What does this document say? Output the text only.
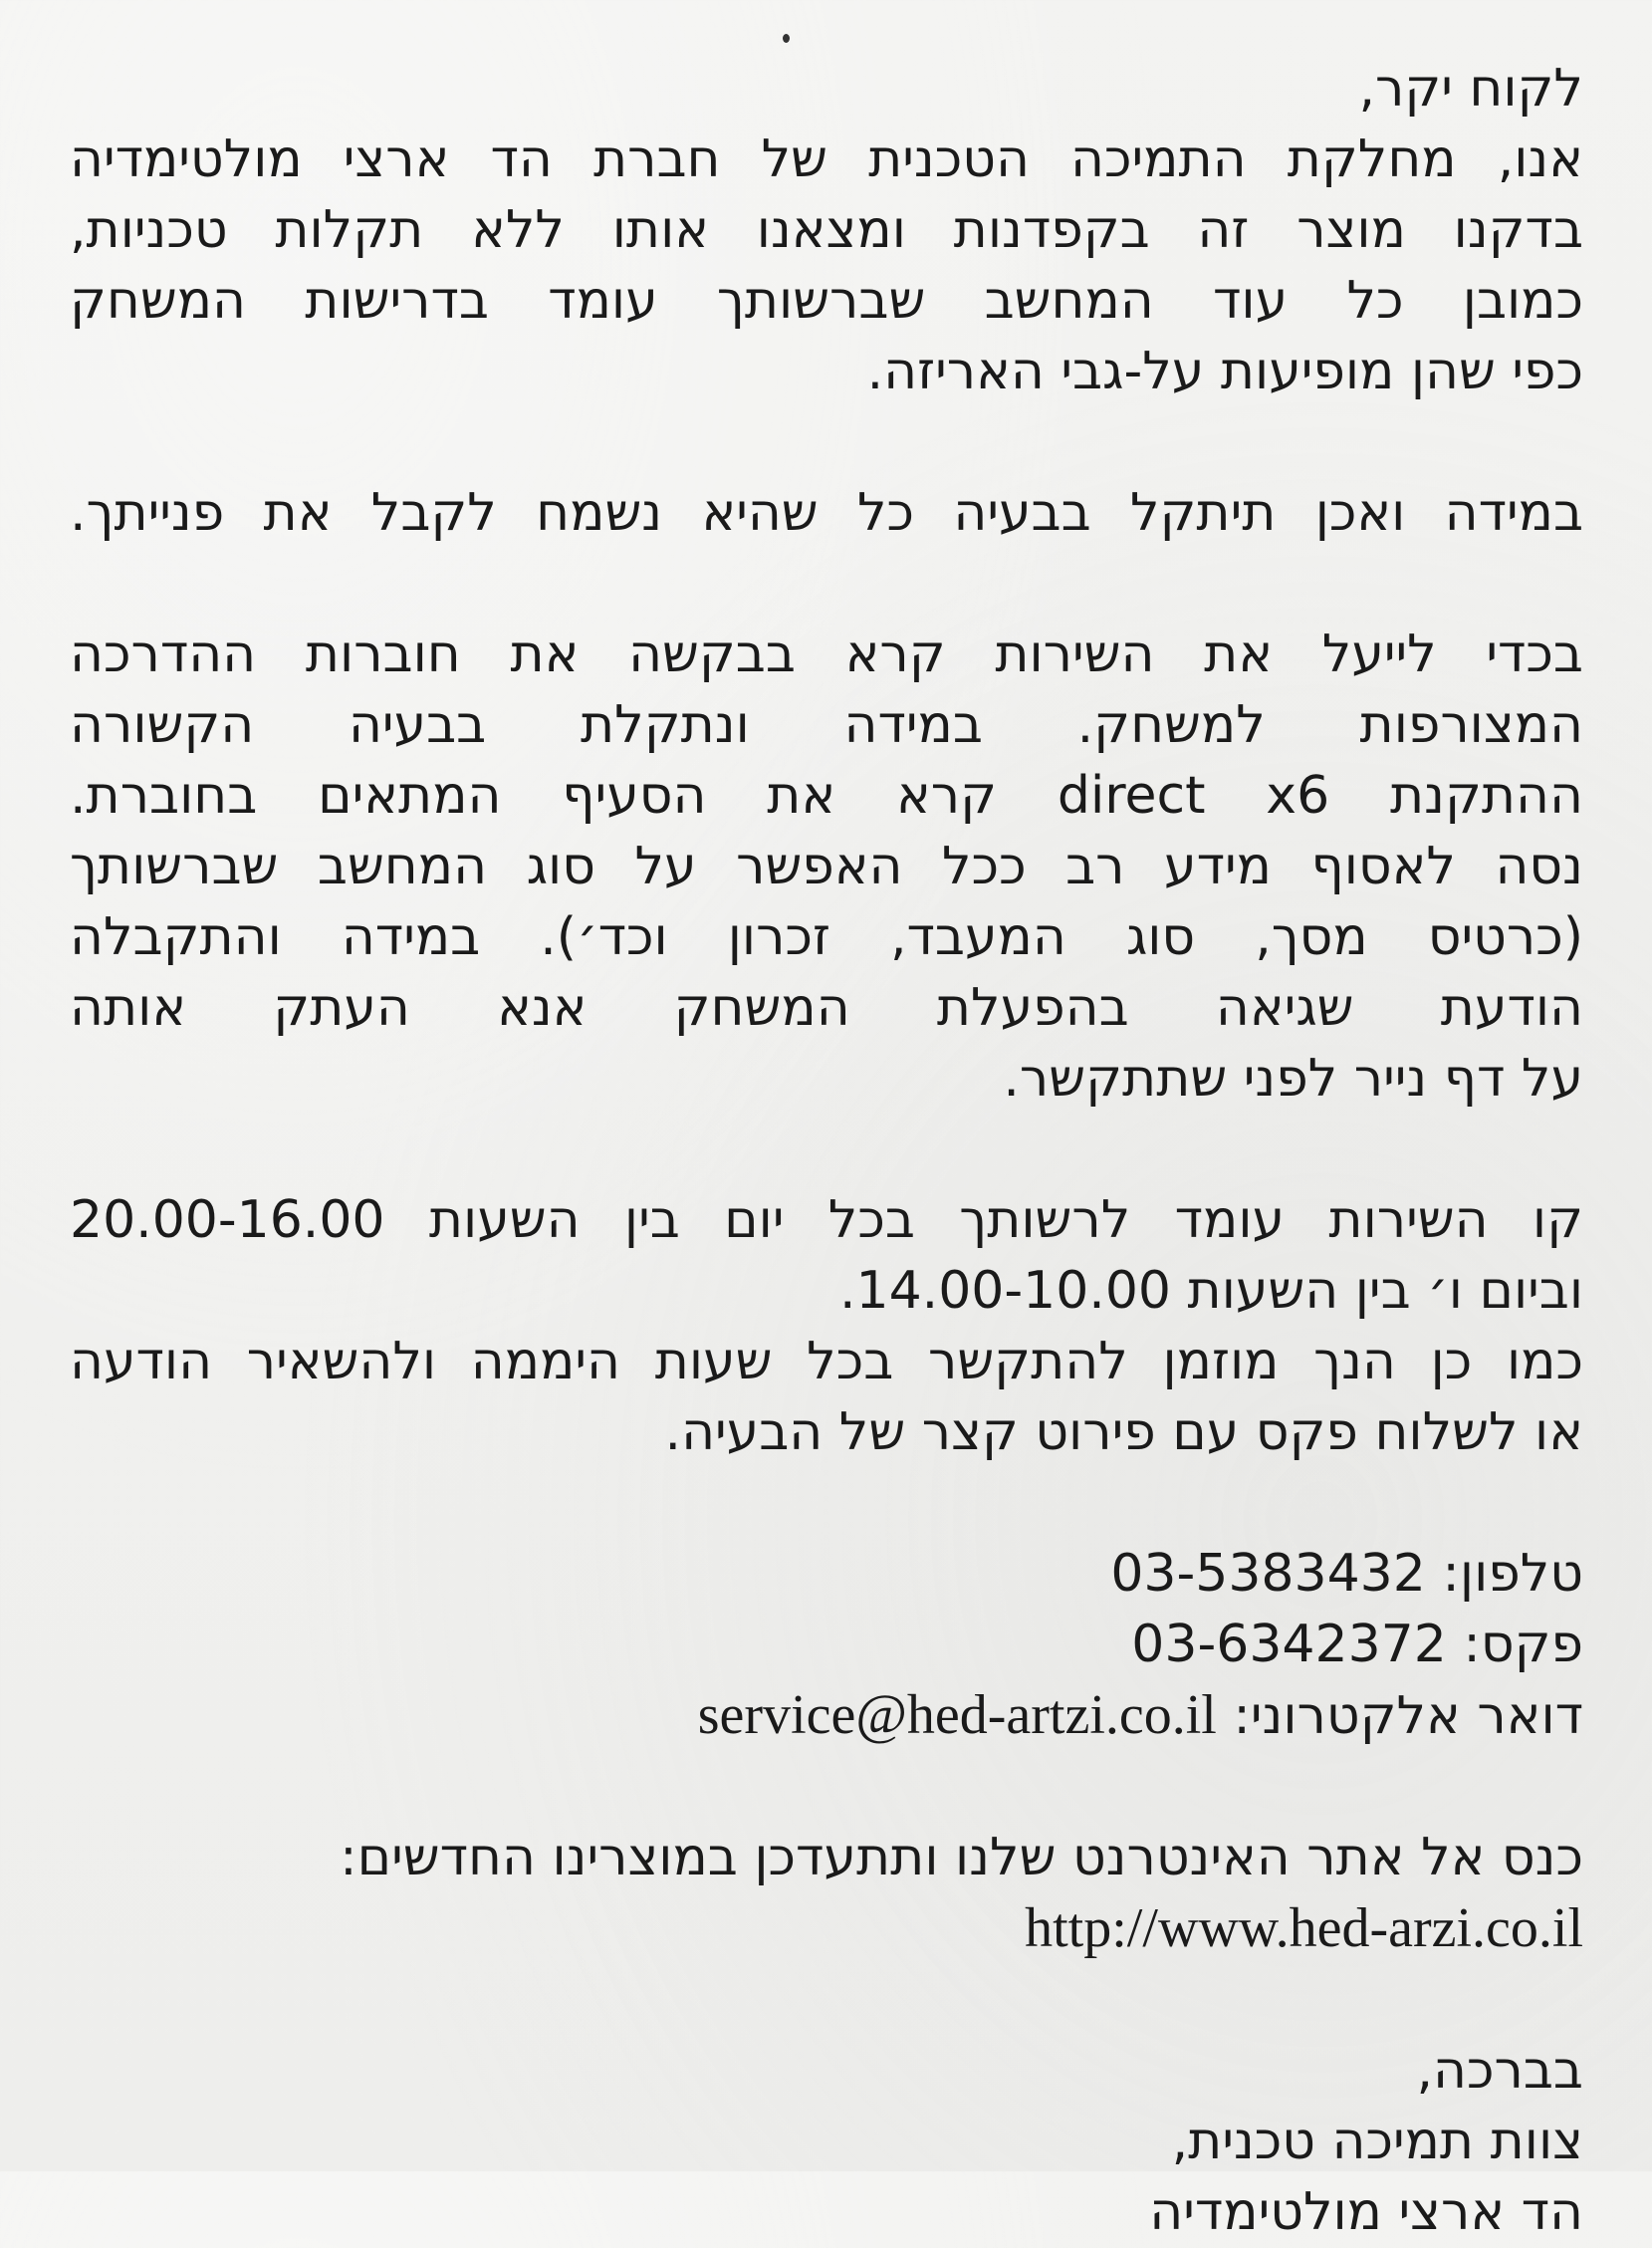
לקוח יקר,
אנו, מחלקת התמיכה הטכנית של חברת הד ארצי מולטימדיה
בדקנו מוצר זה בקפדנות ומצאנו אותו ללא תקלות טכניות,
כמובן כל עוד המחשב שברשותך עומד בדרישות המשחק
כפי שהן מופיעות על-גבי האריזה.
במידה ואכן תיתקל בבעיה כל שהיא נשמח לקבל את פנייתך.
בכדי לייעל את השירות קרא בבקשה את חוברות ההדרכה
המצורפות למשחק. במידה ונתקלת בבעיה הקשורה
ההתקנת direct x6 קרא את הסעיף המתאים בחוברת.
נסה לאסוף מידע רב ככל האפשר על סוג המחשב שברשותך
(כרטיס מסך, סוג המעבד, זכרון וכד׳). במידה והתקבלה
הודעת שגיאה בהפעלת המשחק אנא העתק אותה
על דף נייר לפני שתתקשר.
קו השירות עומד לרשותך בכל יום בין השעות 20.00-16.00
וביום ו׳ בין השעות 14.00-10.00.
כמו כן הנך מוזמן להתקשר בכל שעות היממה ולהשאיר הודעה
או לשלוח פקס עם פירוט קצר של הבעיה.
טלפון: 03-5383432
פקס: 03-6342372
דואר אלקטרוני: service@hed-artzi.co.il
כנס אל אתר האינטרנט שלנו ותתעדכן במוצרינו החדשים:
http://www.hed-arzi.co.il
בברכה,
צוות תמיכה טכנית,
הד ארצי מולטימדיה
